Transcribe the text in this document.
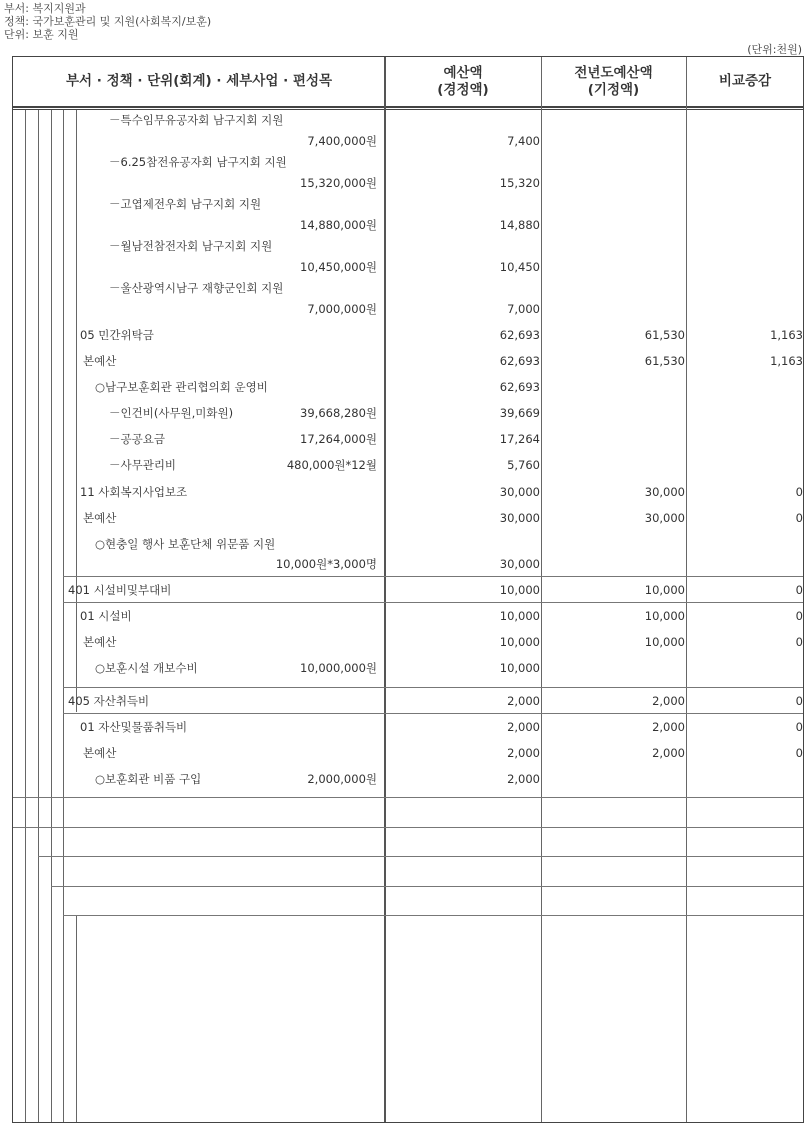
부서: 복지지원과
정책: 국가보훈관리 및 지원(사회복지/보훈)
단위: 보훈 지원
(단위:천원)
부서 · 정책 · 단위(회계) · 세부사업 · 편성목
예산액
(경정액)
전년도예산액
(기정액)
비교증감
－특수임무유공자회 남구지회 지원
7,400,000원	7,400
－6.25참전유공자회 남구지회 지원
15,320,000원	15,320
－고엽제전우회 남구지회 지원
14,880,000원	14,880
－월남전참전자회 남구지회 지원
10,450,000원	10,450
－울산광역시남구 재향군인회 지원
7,000,000원	7,000
05 민간위탁금	62,693	61,530	1,163
본예산	62,693	61,530	1,163
○남구보훈회관 관리협의회 운영비	62,693
－인건비(사무원,미화원)	39,668,280원	39,669
－공공요금	17,264,000원	17,264
－사무관리비	480,000원*12월	5,760
11 사회복지사업보조	30,000	30,000	0
본예산	30,000	30,000	0
○현충일 행사 보훈단체 위문품 지원
10,000원*3,000명	30,000
401 시설비및부대비	10,000	10,000	0
01 시설비	10,000	10,000	0
본예산	10,000	10,000	0
○보훈시설 개보수비	10,000,000원	10,000
405 자산취득비	2,000	2,000	0
01 자산및물품취득비	2,000	2,000	0
본예산	2,000	2,000	0
○보훈회관 비품 구입	2,000,000원	2,000
